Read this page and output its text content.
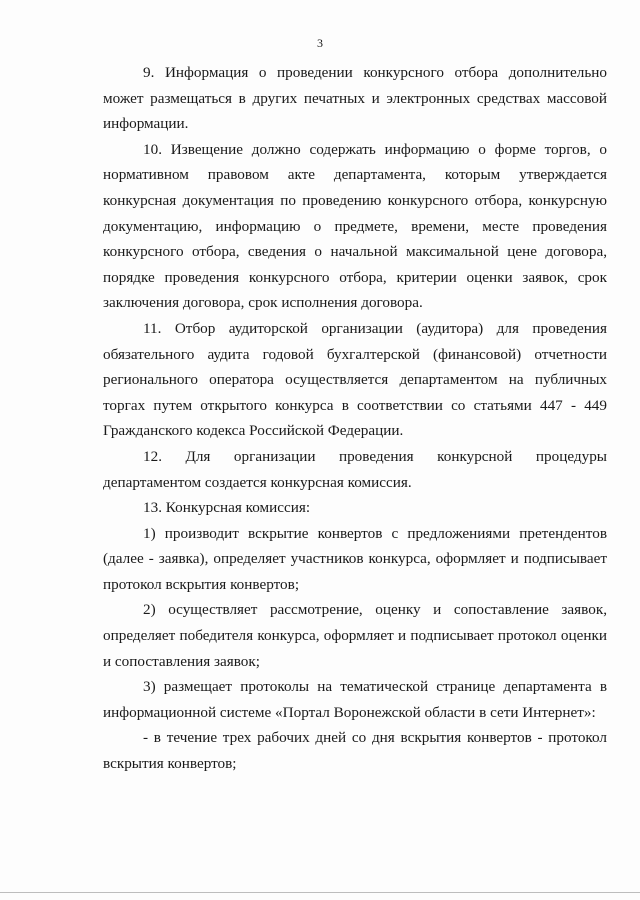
3

9. Информация о проведении конкурсного отбора дополнительно может размещаться в других печатных и электронных средствах массовой информации.

10. Извещение должно содержать информацию о форме торгов, о нормативном правовом акте департамента, которым утверждается конкурсная документация по проведению конкурсного отбора, конкурсную документацию, информацию о предмете, времени, месте проведения конкурсного отбора, сведения о начальной максимальной цене договора, порядке проведения конкурсного отбора, критерии оценки заявок, срок заключения договора, срок исполнения договора.

11. Отбор аудиторской организации (аудитора) для проведения обязательного аудита годовой бухгалтерской (финансовой) отчетности регионального оператора осуществляется департаментом на публичных торгах путем открытого конкурса в соответствии со статьями 447 - 449 Гражданского кодекса Российской Федерации.

12. Для организации проведения конкурсной процедуры департаментом создается конкурсная комиссия.

13. Конкурсная комиссия:

1) производит вскрытие конвертов с предложениями претендентов (далее - заявка), определяет участников конкурса, оформляет и подписывает протокол вскрытия конвертов;

2) осуществляет рассмотрение, оценку и сопоставление заявок, определяет победителя конкурса, оформляет и подписывает протокол оценки и сопоставления заявок;

3) размещает протоколы на тематической странице департамента в информационной системе «Портал Воронежской области в сети Интернет»:

- в течение трех рабочих дней со дня вскрытия конвертов - протокол вскрытия конвертов;
